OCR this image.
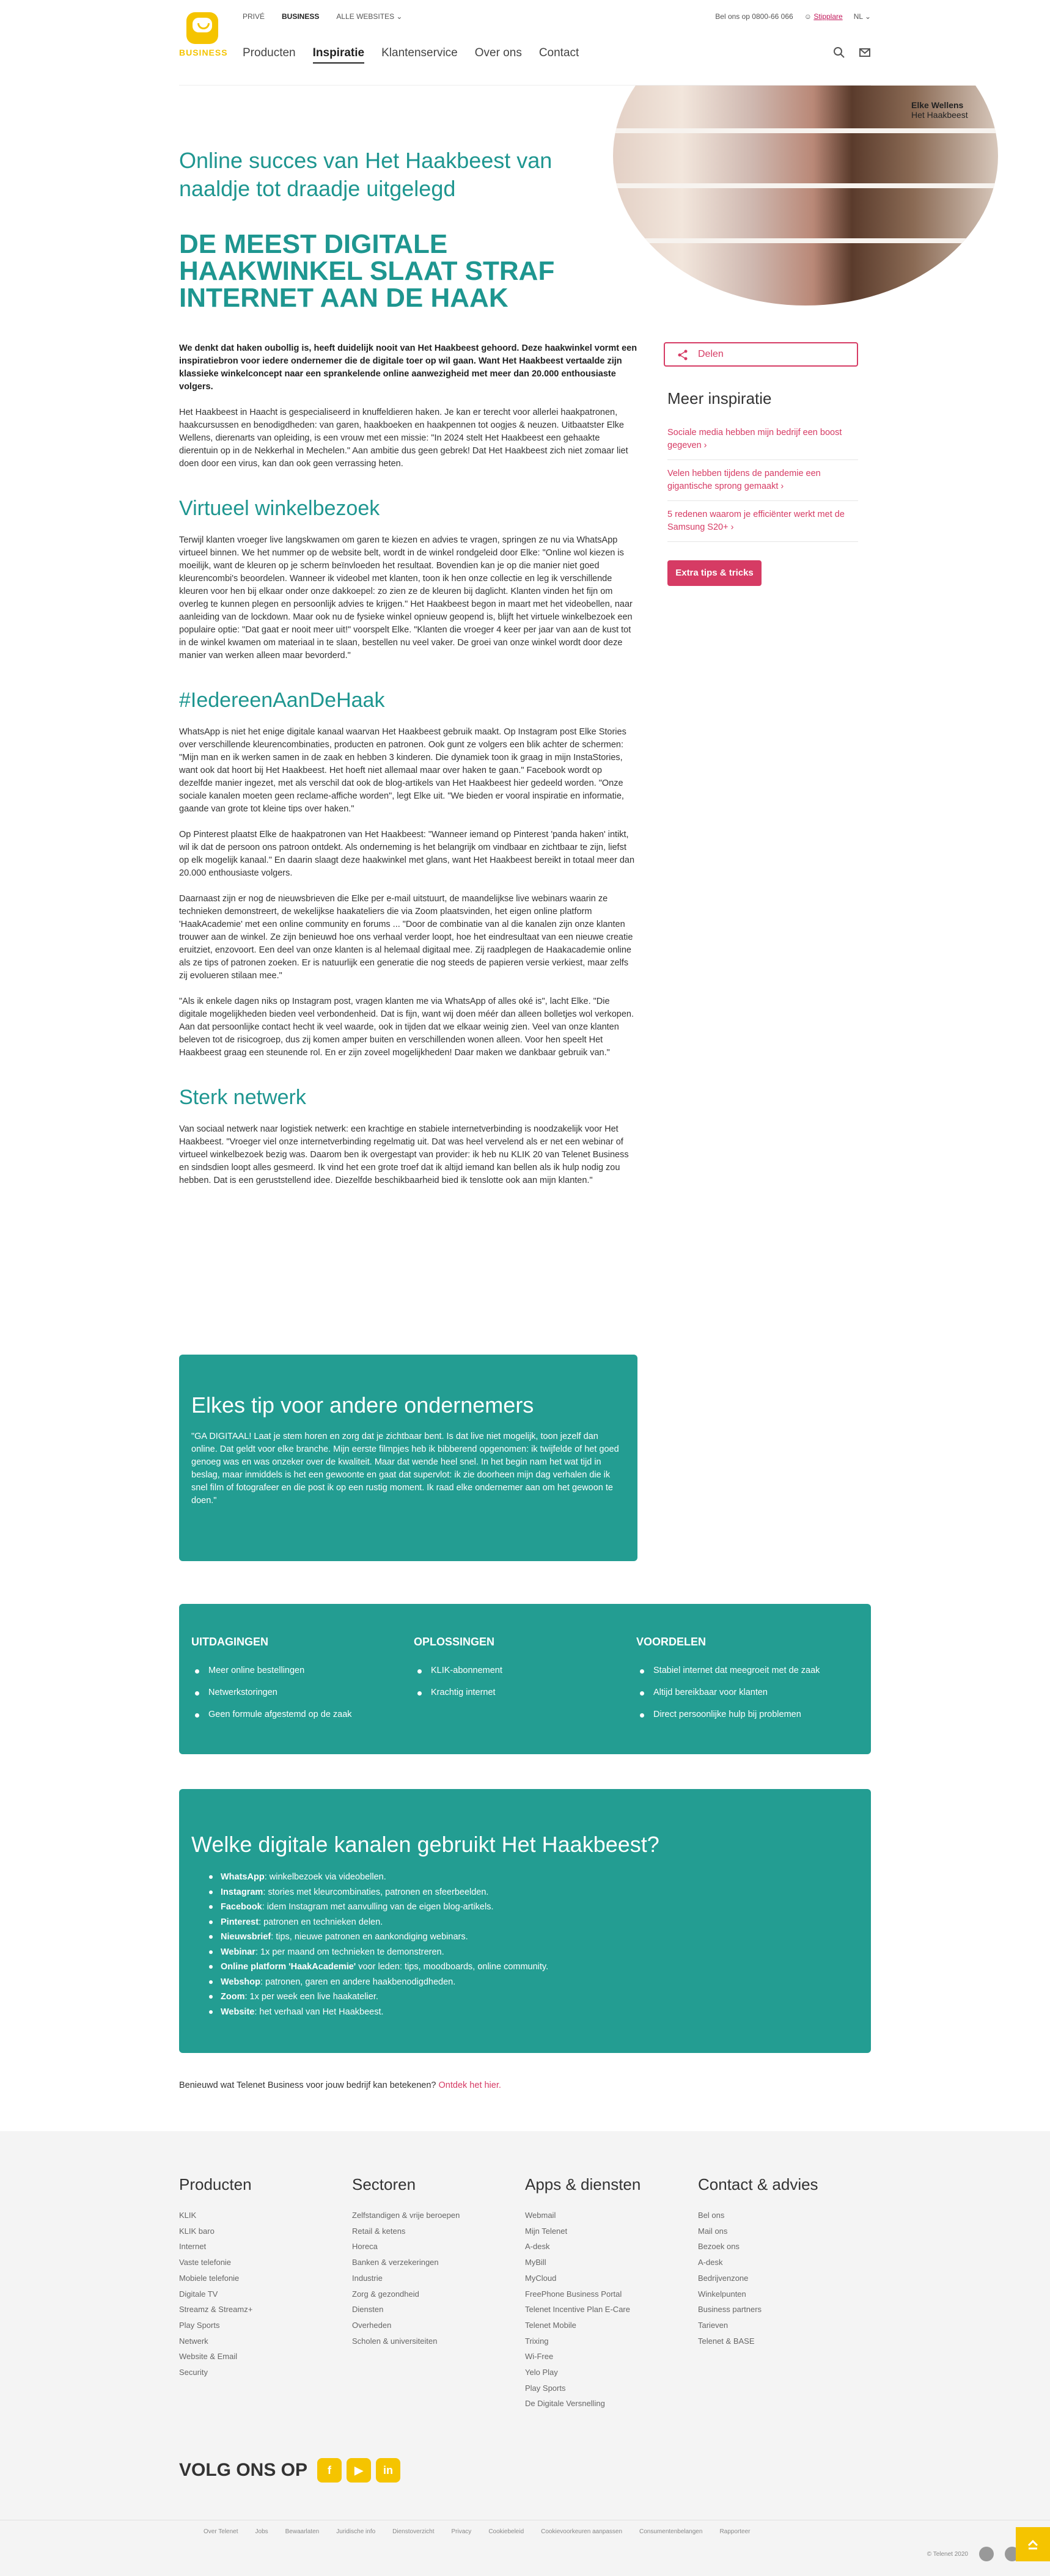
BUSINESS
PRIVÉ BUSINESS ALLE WEBSITES ⌄	Bel ons op 0800-66 066 ☺ Stipplare NL ⌄
Producten Inspiratie Klantenservice Over ons Contact
Online succes van Het Haakbeest van naaldje tot draadje uitgelegd
DE MEEST DIGITALE HAAKWINKEL SLAAT STRAF INTERNET AAN DE HAAK
Elke Wellens
Het Haakbeest

We denkt dat haken oubollig is, heeft duidelijk nooit van Het Haakbeest gehoord. Deze haakwinkel vormt een inspiratiebron voor iedere ondernemer die de digitale toer op wil gaan. Want Het Haakbeest vertaalde zijn klassieke winkelconcept naar een sprankelende online aanwezigheid met meer dan 20.000 enthousiaste volgers.

Het Haakbeest in Haacht is gespecialiseerd in knuffeldieren haken. Je kan er terecht voor allerlei haakpatronen, haakcursussen en benodigdheden: van garen, haakboeken en haakpennen tot oogjes & neuzen. Uitbaatster Elke Wellens, dierenarts van opleiding, is een vrouw met een missie: "In 2024 stelt Het Haakbeest een gehaakte dierentuin op in de Nekkerhal in Mechelen." Aan ambitie dus geen gebrek! Dat Het Haakbeest zich niet zomaar liet doen door een virus, kan dan ook geen verrassing heten.

Virtueel winkelbezoek

Terwijl klanten vroeger live langskwamen om garen te kiezen en advies te vragen, springen ze nu via WhatsApp virtueel binnen. We het nummer op de website belt, wordt in de winkel rondgeleid door Elke: "Online wol kiezen is moeilijk, want de kleuren op je scherm beïnvloeden het resultaat. Bovendien kan je op die manier niet goed kleurencombi's beoordelen. Wanneer ik videobel met klanten, toon ik hen onze collectie en leg ik verschillende kleuren voor hen bij elkaar onder onze dakkoepel: zo zien ze de kleuren bij daglicht. Klanten vinden het fijn om overleg te kunnen plegen en persoonlijk advies te krijgen." Het Haakbeest begon in maart met het videobellen, naar aanleiding van de lockdown. Maar ook nu de fysieke winkel opnieuw geopend is, blijft het virtuele winkelbezoek een populaire optie: "Dat gaat er nooit meer uit!" voorspelt Elke. "Klanten die vroeger 4 keer per jaar van aan de kust tot in de winkel kwamen om materiaal in te slaan, bestellen nu veel vaker. De groei van onze winkel wordt door deze manier van werken alleen maar bevorderd."

#IedereenAanDeHaak

WhatsApp is niet het enige digitale kanaal waarvan Het Haakbeest gebruik maakt. Op Instagram post Elke Stories over verschillende kleurencombinaties, producten en patronen. Ook gunt ze volgers een blik achter de schermen: "Mijn man en ik werken samen in de zaak en hebben 3 kinderen. Die dynamiek toon ik graag in mijn InstaStories, want ook dat hoort bij Het Haakbeest. Het hoeft niet allemaal maar over haken te gaan." Facebook wordt op dezelfde manier ingezet, met als verschil dat ook de blog-artikels van Het Haakbeest hier gedeeld worden. "Onze sociale kanalen moeten geen reclame-affiche worden", legt Elke uit. "We bieden er vooral inspiratie en informatie, gaande van grote tot kleine tips over haken."

Op Pinterest plaatst Elke de haakpatronen van Het Haakbeest: "Wanneer iemand op Pinterest 'panda haken' intikt, wil ik dat de persoon ons patroon ontdekt. Als onderneming is het belangrijk om vindbaar en zichtbaar te zijn, liefst op elk mogelijk kanaal." En daarin slaagt deze haakwinkel met glans, want Het Haakbeest bereikt in totaal meer dan 20.000 enthousiaste volgers.

Daarnaast zijn er nog de nieuwsbrieven die Elke per e-mail uitstuurt, de maandelijkse live webinars waarin ze technieken demonstreert, de wekelijkse haakateliers die via Zoom plaatsvinden, het eigen online platform 'HaakAcademie' met een online community en forums ... "Door de combinatie van al die kanalen zijn onze klanten trouwer aan de winkel. Ze zijn benieuwd hoe ons verhaal verder loopt, hoe het eindresultaat van een nieuwe creatie eruitziet, enzovoort. Een deel van onze klanten is al helemaal digitaal mee. Zij raadplegen de Haakacademie online als ze tips of patronen zoeken. Er is natuurlijk een generatie die nog steeds de papieren versie verkiest, maar zelfs zij evolueren stilaan mee."

"Als ik enkele dagen niks op Instagram post, vragen klanten me via WhatsApp of alles oké is", lacht Elke. "Die digitale mogelijkheden bieden veel verbondenheid. Dat is fijn, want wij doen méér dan alleen bolletjes wol verkopen. Aan dat persoonlijke contact hecht ik veel waarde, ook in tijden dat we elkaar weinig zien. Veel van onze klanten beleven tot de risicogroep, dus zij komen amper buiten en verschillenden wonen alleen. Voor hen speelt Het Haakbeest graag een steunende rol. En er zijn zoveel mogelijkheden! Daar maken we dankbaar gebruik van."

Sterk netwerk

Van sociaal netwerk naar logistiek netwerk: een krachtige en stabiele internetverbinding is noodzakelijk voor Het Haakbeest. "Vroeger viel onze internetverbinding regelmatig uit. Dat was heel vervelend als er net een webinar of virtueel winkelbezoek bezig was. Daarom ben ik overgestapt van provider: ik heb nu KLIK 20 van Telenet Business en sindsdien loopt alles gesmeerd. Ik vind het een grote troef dat ik altijd iemand kan bellen als ik hulp nodig zou hebben. Dat is een geruststellend idee. Diezelfde beschikbaarheid bied ik tenslotte ook aan mijn klanten."

Elkes tip voor andere ondernemers

"GA DIGITAAL! Laat je stem horen en zorg dat je zichtbaar bent. Is dat live niet mogelijk, toon jezelf dan online. Dat geldt voor elke branche. Mijn eerste filmpjes heb ik bibberend opgenomen: ik twijfelde of het goed genoeg was en was onzeker over de kwaliteit. Maar dat wende heel snel. In het begin nam het wat tijd in beslag, maar inmiddels is het een gewoonte en gaat dat supervlot: ik zie doorheen mijn dag verhalen die ik snel film of fotografeer en die post ik op een rustig moment. Ik raad elke ondernemer aan om het gewoon te doen."

Delen
Meer inspiratie
Sociale media hebben mijn bedrijf een boost gegeven ›
Velen hebben tijdens de pandemie een gigantische sprong gemaakt ›
5 redenen waarom je efficiënter werkt met de Samsung S20+ ›
Extra tips & tricks
UITDAGINGEN
Meer online bestellingen
Netwerkstoringen
Geen formule afgestemd op de zaak
OPLOSSINGEN
KLIK-abonnement
Krachtig internet
VOORDELEN
Stabiel internet dat meegroeit met de zaak
Altijd bereikbaar voor klanten
Direct persoonlijke hulp bij problemen
Welke digitale kanalen gebruikt Het Haakbeest?
WhatsApp: winkelbezoek via videobellen.
Instagram: stories met kleurcombinaties, patronen en sfeerbeelden.
Facebook: idem Instagram met aanvulling van de eigen blog-artikels.
Pinterest: patronen en technieken delen.
Nieuwsbrief: tips, nieuwe patronen en aankondiging webinars.
Webinar: 1x per maand om technieken te demonstreren.
Online platform 'HaakAcademie' voor leden: tips, moodboards, online community.
Webshop: patronen, garen en andere haakbenodigdheden.
Zoom: 1x per week een live haakatelier.
Website: het verhaal van Het Haakbeest.
Benieuwd wat Telenet Business voor jouw bedrijf kan betekenen? Ontdek het hier.
Producten
KLIK
KLIK baro
Internet
Vaste telefonie
Mobiele telefonie
Digitale TV
Streamz & Streamz+
Play Sports
Netwerk
Website & Email
Security
Sectoren
Zelfstandigen & vrije beroepen
Retail & ketens
Horeca
Banken & verzekeringen
Industrie
Zorg & gezondheid
Diensten
Overheden
Scholen & universiteiten
Apps & diensten
Webmail
Mijn Telenet
A-desk
MyBill
MyCloud
FreePhone Business Portal
Telenet Incentive Plan E-Care
Telenet Mobile
Trixing
Wi-Free
Yelo Play
Play Sports
De Digitale Versnelling
Contact & advies
Bel ons
Mail ons
Bezoek ons
A-desk
Bedrijvenzone
Winkelpunten
Business partners
Tarieven
Telenet & BASE
VOLG ONS OP	f	▶	in
Over Telenet	Jobs	Bewaarlaten	Juridische info	Dienstoverzicht	Privacy	Cookiebeleid	Cookievoorkeuren aanpassen	Consumentenbelangen	Rapporteer
© Telenet 2020
